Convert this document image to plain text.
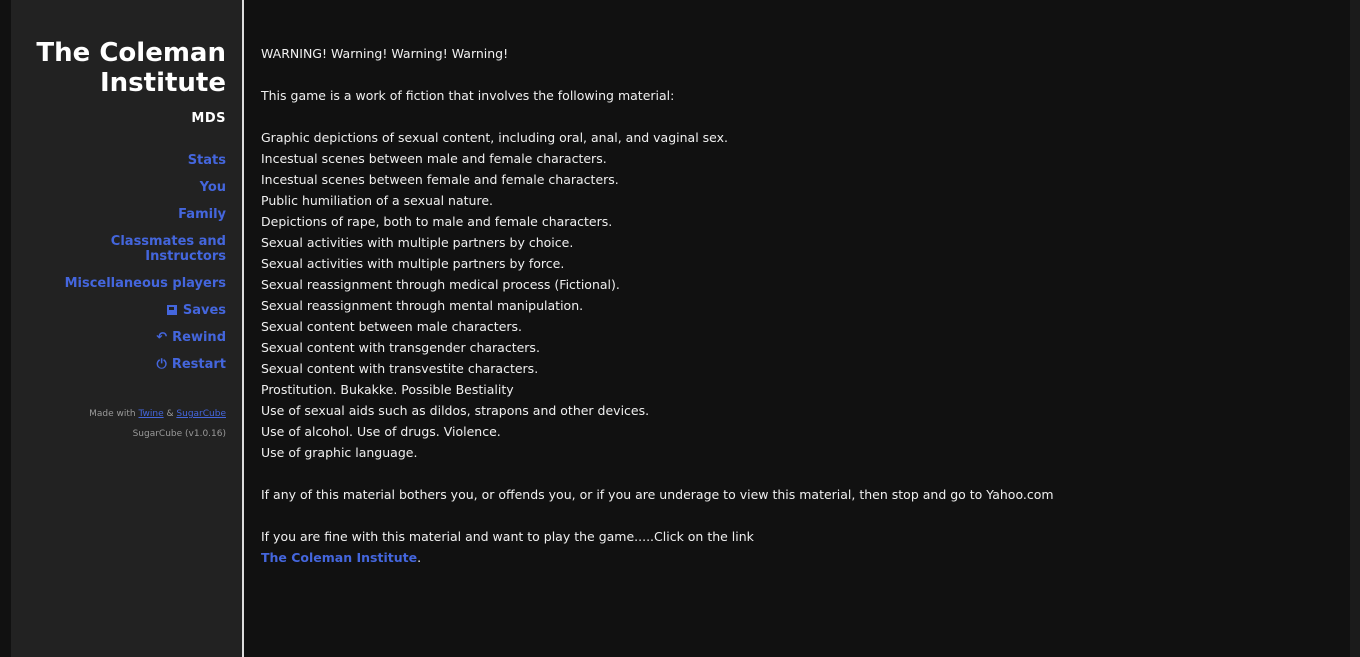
The Coleman Institute
MDS
Stats
You
Family
Classmates and Instructors
Miscellaneous players
Saves
↶ Rewind
⏻ Restart
Made with Twine & SugarCube
SugarCube (v1.0.16)
WARNING! Warning! Warning! Warning!
This game is a work of fiction that involves the following material:
Graphic depictions of sexual content, including oral, anal, and vaginal sex.
Incestual scenes between male and female characters.
Incestual scenes between female and female characters.
Public humiliation of a sexual nature.
Depictions of rape, both to male and female characters.
Sexual activities with multiple partners by choice.
Sexual activities with multiple partners by force.
Sexual reassignment through medical process (Fictional).
Sexual reassignment through mental manipulation.
Sexual content between male characters.
Sexual content with transgender characters.
Sexual content with transvestite characters.
Prostitution. Bukakke. Possible Bestiality
Use of sexual aids such as dildos, strapons and other devices.
Use of alcohol. Use of drugs. Violence.
Use of graphic language.
If any of this material bothers you, or offends you, or if you are underage to view this material, then stop and go to Yahoo.com
If you are fine with this material and want to play the game.....Click on the link
The Coleman Institute.
